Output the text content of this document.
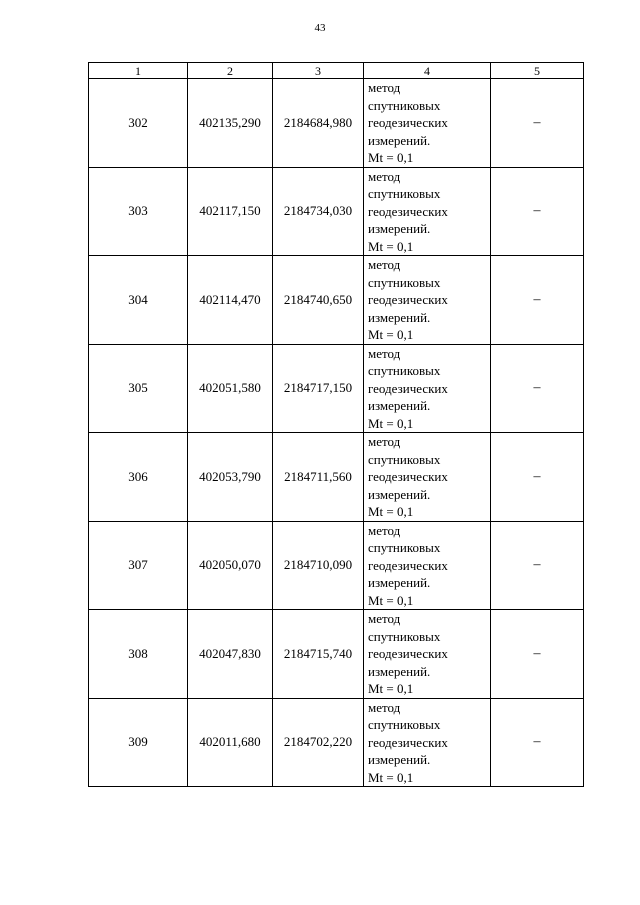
43
1	2	3	4	5
302	402135,290	2184684,980	метод
спутниковых
геодезических
измерений.
Mt = 0,1	–
303	402117,150	2184734,030	метод
спутниковых
геодезических
измерений.
Mt = 0,1	–
304	402114,470	2184740,650	метод
спутниковых
геодезических
измерений.
Mt = 0,1	–
305	402051,580	2184717,150	метод
спутниковых
геодезических
измерений.
Mt = 0,1	–
306	402053,790	2184711,560	метод
спутниковых
геодезических
измерений.
Mt = 0,1	–
307	402050,070	2184710,090	метод
спутниковых
геодезических
измерений.
Mt = 0,1	–
308	402047,830	2184715,740	метод
спутниковых
геодезических
измерений.
Mt = 0,1	–
309	402011,680	2184702,220	метод
спутниковых
геодезических
измерений.
Mt = 0,1	–
